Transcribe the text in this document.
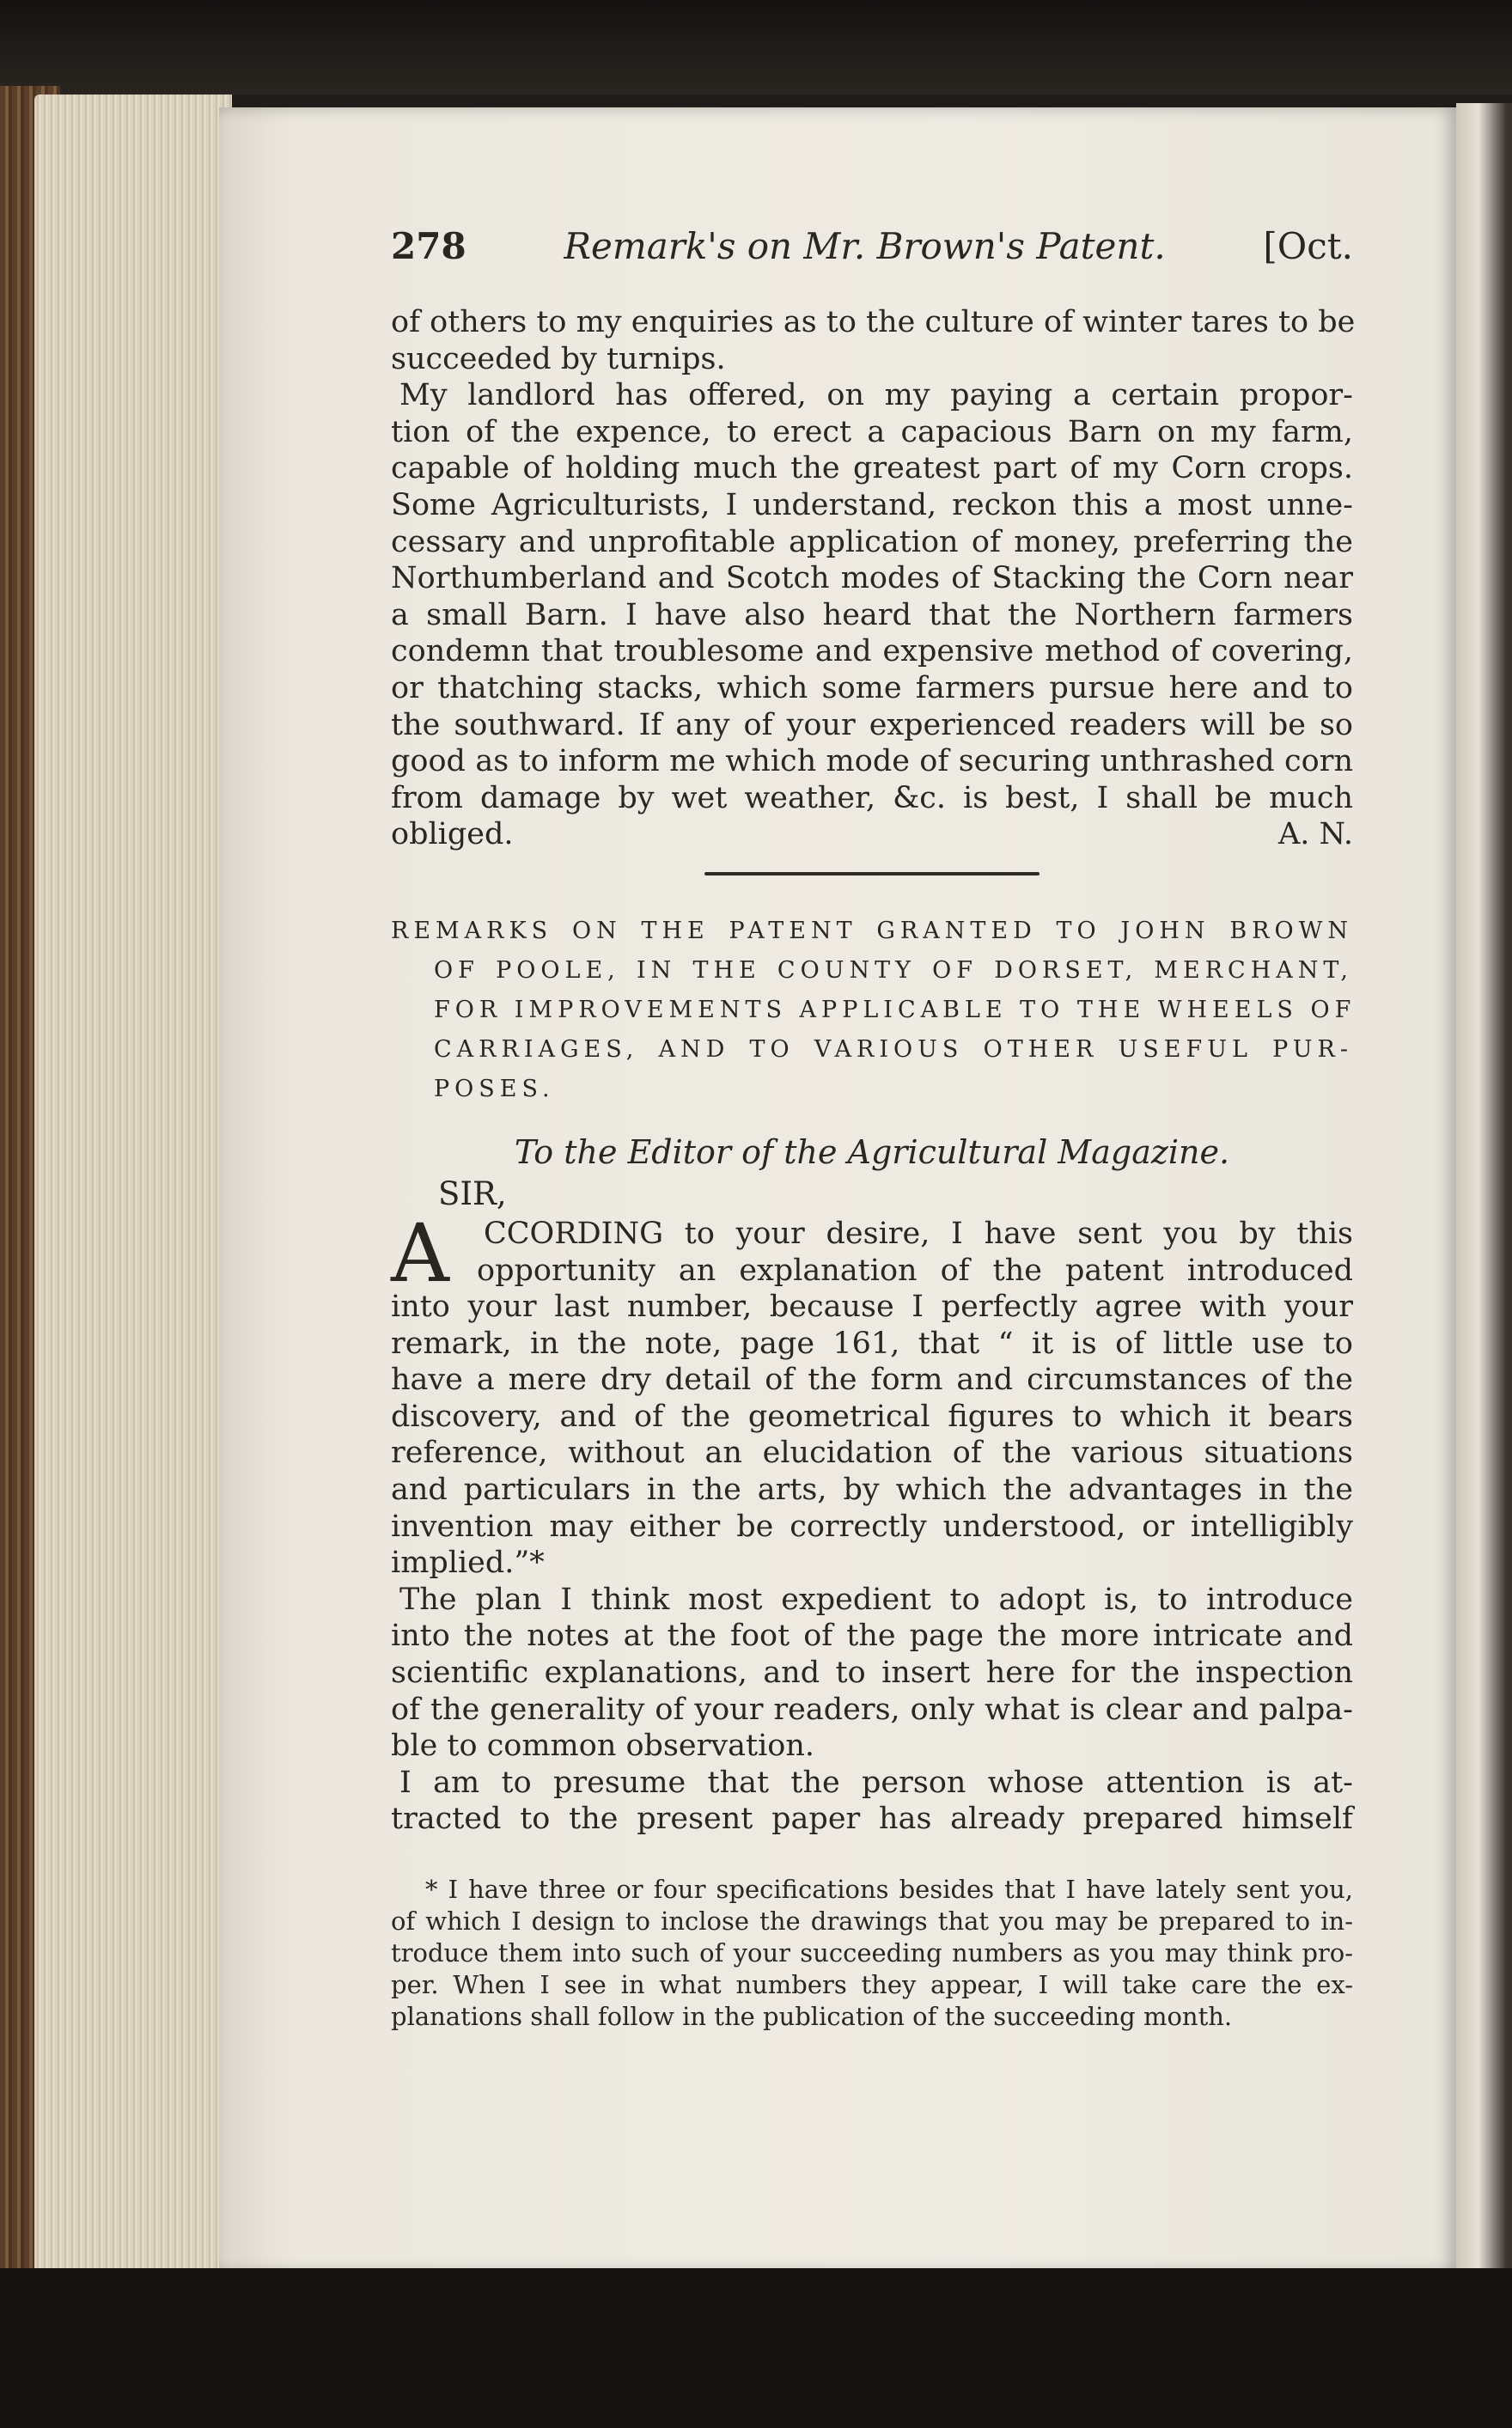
278	Remark's on Mr. Brown's Patent.	[Oct.
of others to my enquiries as to the culture of winter tares to be
succeeded by turnips.
My landlord has offered, on my paying a certain propor-
tion of the expence, to erect a capacious Barn on my farm,
capable of holding much the greatest part of my Corn crops.
Some Agriculturists, I understand, reckon this a most unne-
cessary and unprofitable application of money, preferring the
Northumberland and Scotch modes of Stacking the Corn near
a small Barn. I have also heard that the Northern farmers
condemn that troublesome and expensive method of covering,
or thatching stacks, which some farmers pursue here and to
the southward. If any of your experienced readers will be so
good as to inform me which mode of securing unthrashed corn
from damage by wet weather, &c. is best, I shall be much
obliged.	A. N.
REMARKS ON THE PATENT GRANTED TO JOHN BROWN
OF POOLE, IN THE COUNTY OF DORSET, MERCHANT,
FOR IMPROVEMENTS APPLICABLE TO THE WHEELS OF
CARRIAGES, AND TO VARIOUS OTHER USEFUL PUR-
POSES.
To the Editor of the Agricultural Magazine.
SIR,
A	CCORDING to your desire, I have sent you by this
opportunity an explanation of the patent introduced
into your last number, because I perfectly agree with your
remark, in the note, page 161, that “ it is of little use to
have a mere dry detail of the form and circumstances of the
discovery, and of the geometrical figures to which it bears
reference, without an elucidation of the various situations
and particulars in the arts, by which the advantages in the
invention may either be correctly understood, or intelligibly
implied.”*
The plan I think most expedient to adopt is, to introduce
into the notes at the foot of the page the more intricate and
scientific explanations, and to insert here for the inspection
of the generality of your readers, only what is clear and palpa-
ble to common observation.
I am to presume that the person whose attention is at-
tracted to the present paper has already prepared himself
* I have three or four specifications besides that I have lately sent you,
of which I design to inclose the drawings that you may be prepared to in-
troduce them into such of your succeeding numbers as you may think pro-
per. When I see in what numbers they appear, I will take care the ex-
planations shall follow in the publication of the succeeding month.
